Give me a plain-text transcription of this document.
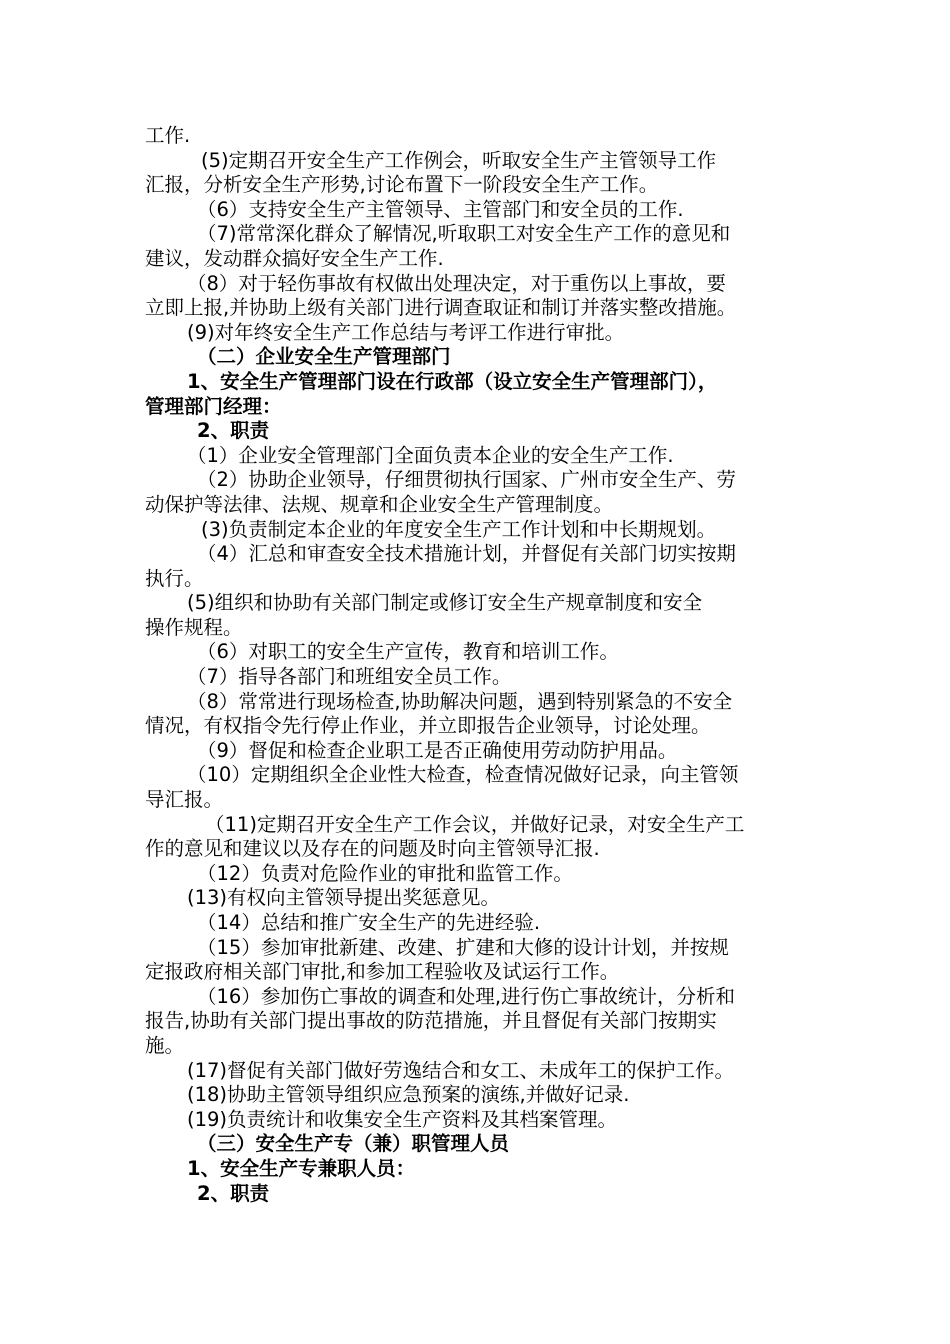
工作.
(5)定期召开安全生产工作例会，听取安全生产主管领导工作
汇报，分析安全生产形势,讨论布置下一阶段安全生产工作。
（6）支持安全生产主管领导、主管部门和安全员的工作.
（7)常常深化群众了解情况,听取职工对安全生产工作的意见和
建议，发动群众搞好安全生产工作.
（8）对于轻伤事故有权做出处理决定，对于重伤以上事故，要
立即上报,并协助上级有关部门进行调查取证和制订并落实整改措施。
(9)对年终安全生产工作总结与考评工作进行审批。
（二）企业安全生产管理部门
1、安全生产管理部门设在行政部（设立安全生产管理部门），
管理部门经理：
2、职责
（1）企业安全管理部门全面负责本企业的安全生产工作.
（2）协助企业领导，仔细贯彻执行国家、广州市安全生产、劳
动保护等法律、法规、规章和企业安全生产管理制度。
(3)负责制定本企业的年度安全生产工作计划和中长期规划。
（4）汇总和审查安全技术措施计划，并督促有关部门切实按期
执行。
(5)组织和协助有关部门制定或修订安全生产规章制度和安全
操作规程。
（6）对职工的安全生产宣传，教育和培训工作。
（7）指导各部门和班组安全员工作。
（8）常常进行现场检查,协助解决问题，遇到特别紧急的不安全
情况，有权指令先行停止作业，并立即报告企业领导，讨论处理。
（9）督促和检查企业职工是否正确使用劳动防护用品。
（10）定期组织全企业性大检查，检查情况做好记录，向主管领
导汇报。
（11)定期召开安全生产工作会议，并做好记录，对安全生产工
作的意见和建议以及存在的问题及时向主管领导汇报.
（12）负责对危险作业的审批和监管工作。
(13)有权向主管领导提出奖惩意见。
（14）总结和推广安全生产的先进经验.
（15）参加审批新建、改建、扩建和大修的设计计划，并按规
定报政府相关部门审批,和参加工程验收及试运行工作。
（16）参加伤亡事故的调查和处理,进行伤亡事故统计，分析和
报告,协助有关部门提出事故的防范措施，并且督促有关部门按期实
施。
(17)督促有关部门做好劳逸结合和女工、未成年工的保护工作。
(18)协助主管领导组织应急预案的演练,并做好记录.
(19)负责统计和收集安全生产资料及其档案管理。
（三）安全生产专（兼）职管理人员
1、安全生产专兼职人员：
2、职责
